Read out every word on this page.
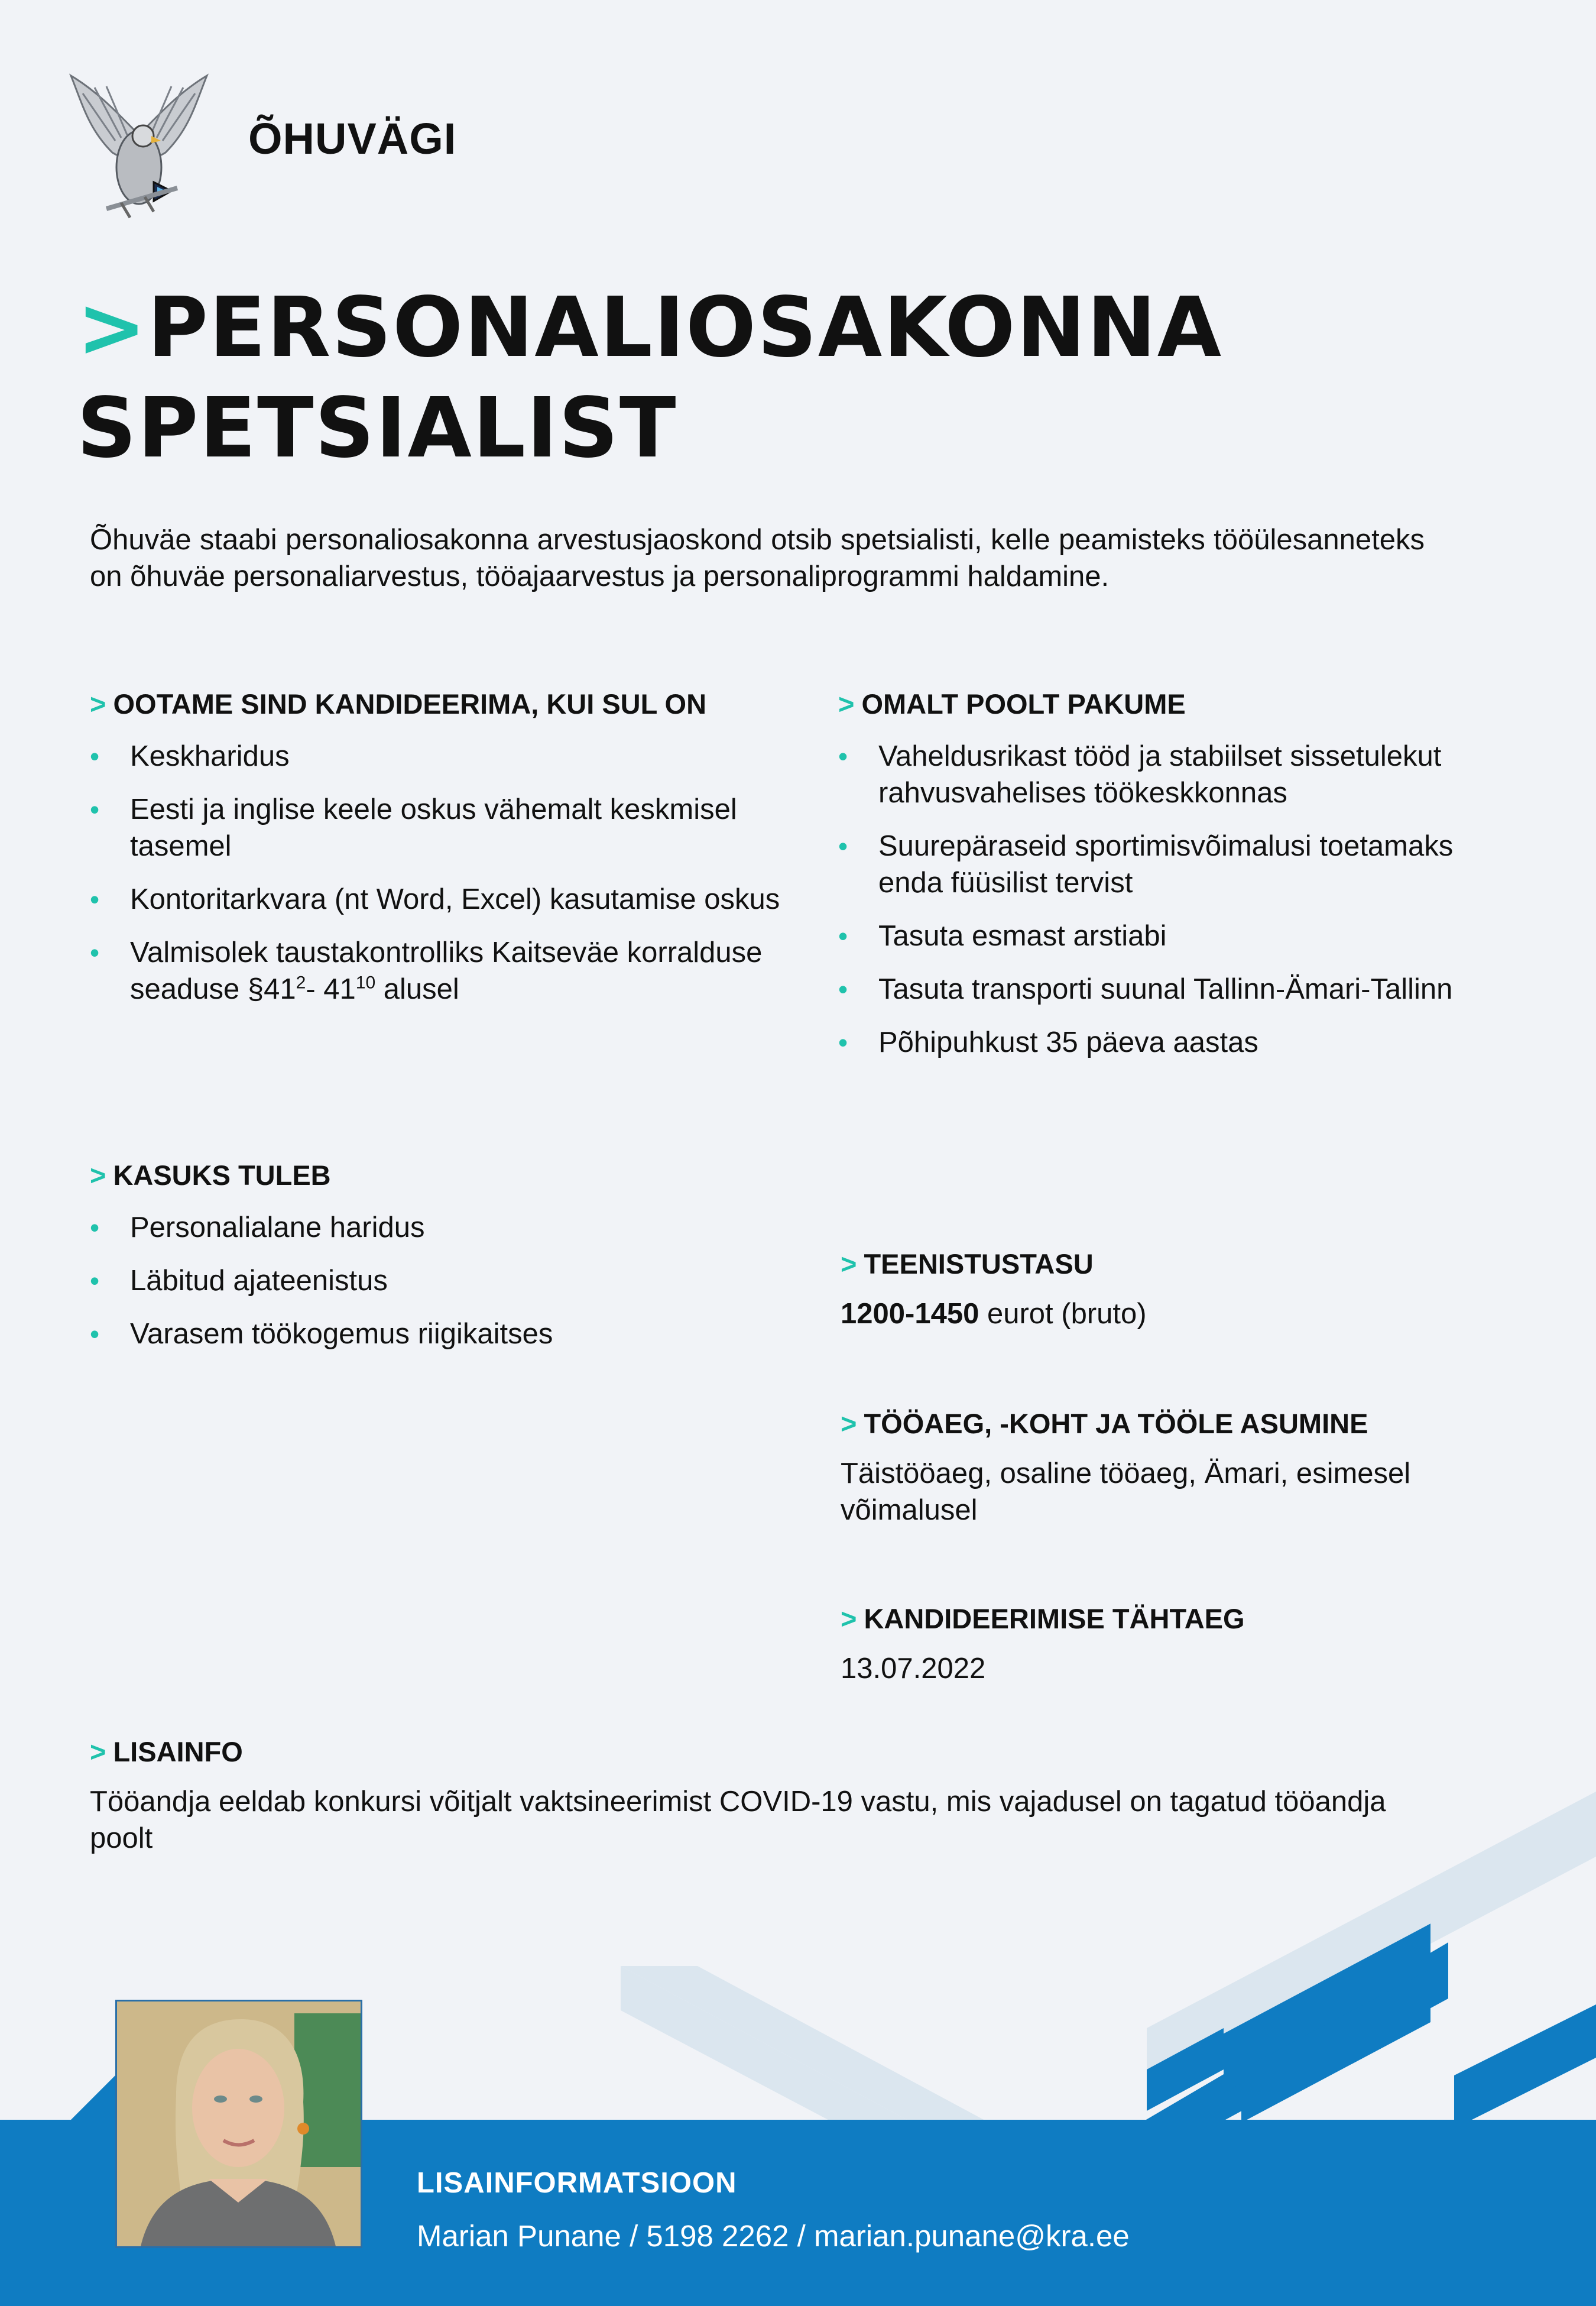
ÕHUVÄGI
>PERSONALIOSAKONNA
SPETSIALIST
Õhuväe staabi personaliosakonna arvestusjaoskond otsib spetsialisti, kelle peamisteks tööülesanneteks on õhuväe personaliarvestus, tööajaarvestus ja personaliprogrammi haldamine.
> OOTAME SIND KANDIDEERIMA, KUI SUL ON
• Keskharidus
• Eesti ja inglise keele oskus vähemalt keskmisel tasemel
• Kontoritarkvara (nt Word, Excel) kasutamise oskus
• Valmisolek taustakontrolliks Kaitseväe korralduse seaduse $\S 41^2-$ $41^{10}$ alusel
> OMALT POOLT PAKUME
• Vaheldusrikast tööd ja stabiilset sissetulekut rahvusvahelises töökeskkonnas
• Suurepäraseid sportimisvõimalusi toetamaks enda füüsilist tervist
• Tasuta esmast arstiabi
• Tasuta transporti suunal Tallinn-Ämari-Tallinn
• Põhipuhkust 35 päeva aastas
> KASUKS TULEB
• Personalialane haridus
• Läbitud ajateenistus
• Varasem töökogemus riigikaitses
> TEENISTUSTASU
1200-1450 eurot (bruto)
> TÖÖAEG, -KOHT JA TÖÖLE ASUMINE
Täistööaeg, osaline tööaeg, Ämari, esimesel võimalusel
> KANDIDEERIMISE TÄHTAEG
13.07.2022
> LISAINFO
Tööandja eeldab konkursi võitjalt vaktsineerimist COVID-19 vastu, mis vajadusel on tagatud tööandja poolt
LISAINFORMATSIOON
Marian Punane / 5198 2262 / marian.punane@kra.ee
